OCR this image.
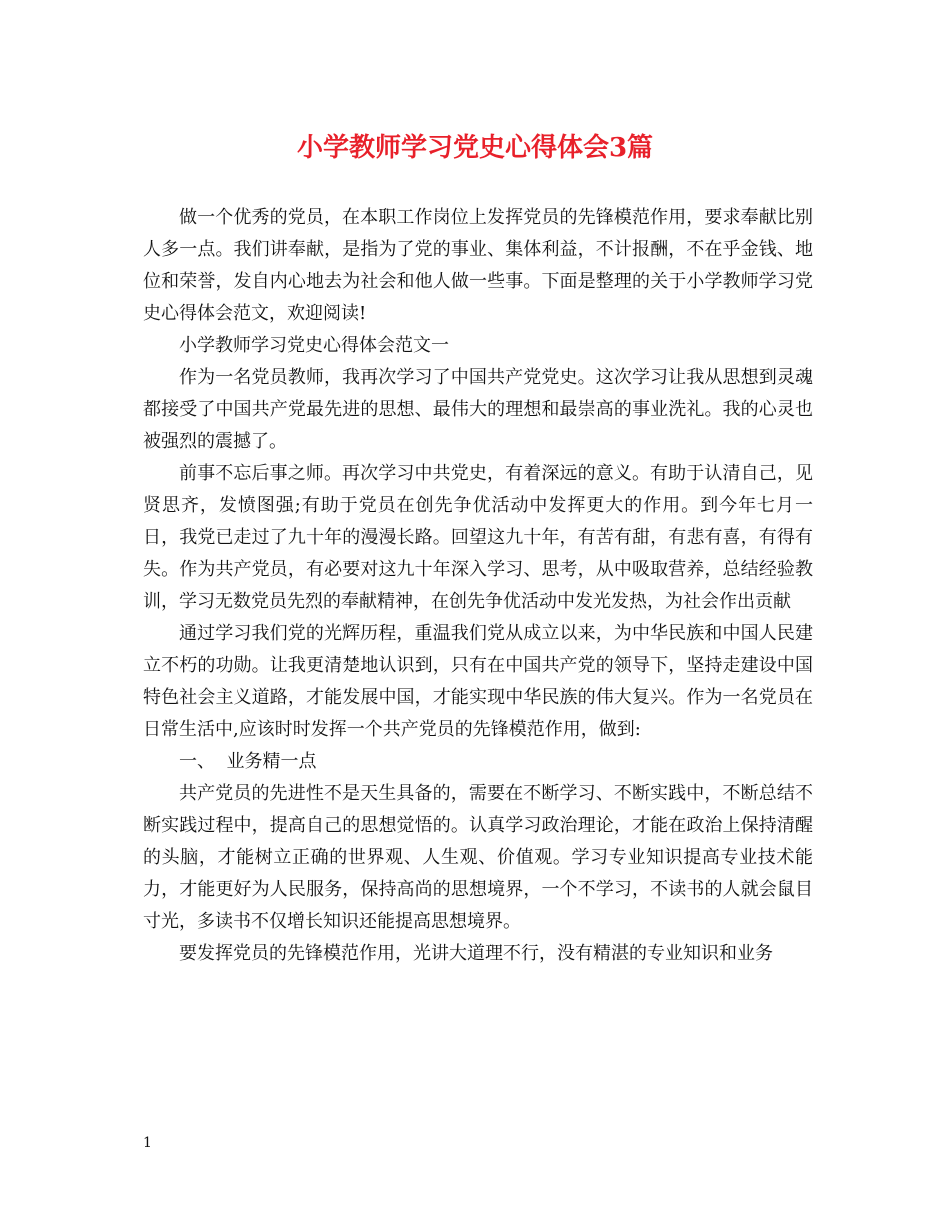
小学教师学习党史心得体会3篇

做一个优秀的党员，在本职工作岗位上发挥党员的先锋模范作用，要求奉献比别人多一点。我们讲奉献，是指为了党的事业、集体利益，不计报酬，不在乎金钱、地位和荣誉，发自内心地去为社会和他人做一些事。下面是整理的关于小学教师学习党史心得体会范文，欢迎阅读!

小学教师学习党史心得体会范文一

作为一名党员教师，我再次学习了中国共产党党史。这次学习让我从思想到灵魂都接受了中国共产党最先进的思想、最伟大的理想和最崇高的事业洗礼。我的心灵也被强烈的震撼了。

前事不忘后事之师。再次学习中共党史，有着深远的意义。有助于认清自己，见贤思齐，发愤图强;有助于党员在创先争优活动中发挥更大的作用。到今年七月一日，我党已走过了九十年的漫漫长路。回望这九十年，有苦有甜，有悲有喜，有得有失。作为共产党员，有必要对这九十年深入学习、思考，从中吸取营养，总结经验教训，学习无数党员先烈的奉献精神，在创先争优活动中发光发热，为社会作出贡献

通过学习我们党的光辉历程，重温我们党从成立以来，为中华民族和中国人民建立不朽的功勋。让我更清楚地认识到，只有在中国共产党的领导下，坚持走建设中国特色社会主义道路，才能发展中国，才能实现中华民族的伟大复兴。作为一名党员在日常生活中,应该时时发挥一个共产党员的先锋模范作用，做到:

一、  业务精一点

共产党员的先进性不是天生具备的，需要在不断学习、不断实践中，不断总结不断实践过程中，提高自己的思想觉悟的。认真学习政治理论，才能在政治上保持清醒的头脑，才能树立正确的世界观、人生观、价值观。学习专业知识提高专业技术能力，才能更好为人民服务，保持高尚的思想境界，一个不学习，不读书的人就会鼠目寸光，多读书不仅增长知识还能提高思想境界。

要发挥党员的先锋模范作用，光讲大道理不行，没有精湛的专业知识和业务

1
